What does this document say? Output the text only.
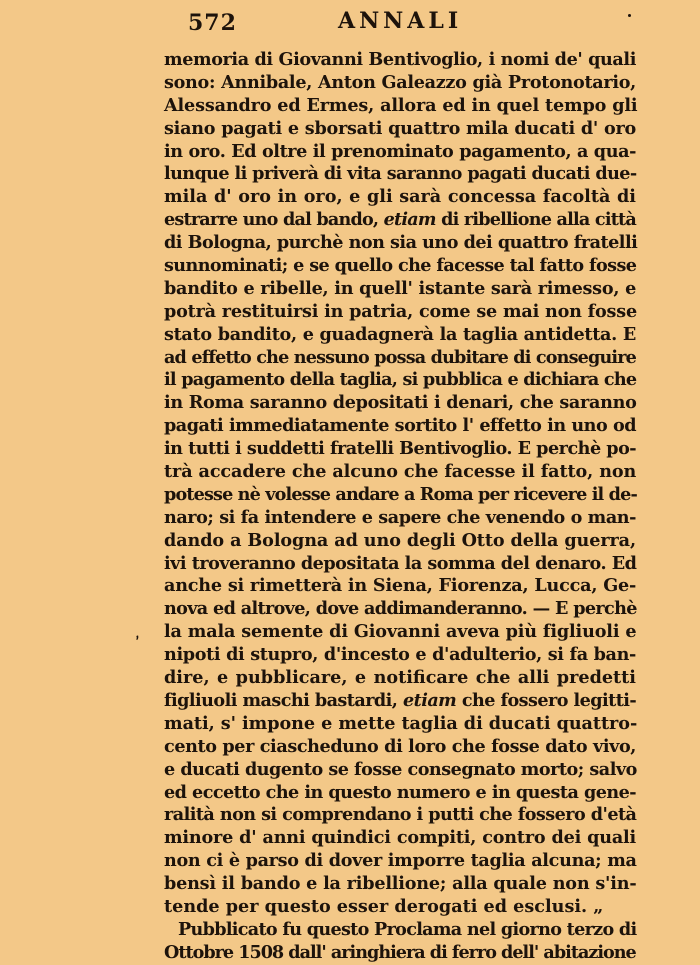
572	ANNALI
memoria di Giovanni Bentivoglio, i nomi de' quali
sono: Annibale, Anton Galeazzo già Protonotario,
Alessandro ed Ermes, allora ed in quel tempo gli
siano pagati e sborsati quattro mila ducati d' oro
in oro. Ed oltre il prenominato pagamento, a qua-
lunque li priverà di vita saranno pagati ducati due-
mila d' oro in oro, e gli sarà concessa facoltà di
estrarre uno dal bando, etiam di ribellione alla città
di Bologna, purchè non sia uno dei quattro fratelli
sunnominati; e se quello che facesse tal fatto fosse
bandito e ribelle, in quell' istante sarà rimesso, e
potrà restituirsi in patria, come se mai non fosse
stato bandito, e guadagnerà la taglia antidetta. E
ad effetto che nessuno possa dubitare di conseguire
il pagamento della taglia, si pubblica e dichiara che
in Roma saranno depositati i denari, che saranno
pagati immediatamente sortito l' effetto in uno od
in tutti i suddetti fratelli Bentivoglio. E perchè po-
trà accadere che alcuno che facesse il fatto, non
potesse nè volesse andare a Roma per ricevere il de-
naro; si fa intendere e sapere che venendo o man-
dando a Bologna ad uno degli Otto della guerra,
ivi troveranno depositata la somma del denaro. Ed
anche si rimetterà in Siena, Fiorenza, Lucca, Ge-
nova ed altrove, dove addimanderanno. — E perchè
la mala semente di Giovanni aveva più figliuoli e
nipoti di stupro, d'incesto e d'adulterio, si fa ban-
dire, e pubblicare, e notificare che alli predetti
figliuoli maschi bastardi, etiam che fossero legitti-
mati, s' impone e mette taglia di ducati quattro-
cento per ciascheduno di loro che fosse dato vivo,
e ducati dugento se fosse consegnato morto; salvo
ed eccetto che in questo numero e in questa gene-
ralità non si comprendano i putti che fossero d'età
minore d' anni quindici compiti, contro dei quali
non ci è parso di dover imporre taglia alcuna; ma
bensì il bando e la ribellione; alla quale non s'in-
tende per questo esser derogati ed esclusi. „
Pubblicato fu questo Proclama nel giorno terzo di
Ottobre 1508 dall' aringhiera di ferro dell' abitazione
‚
